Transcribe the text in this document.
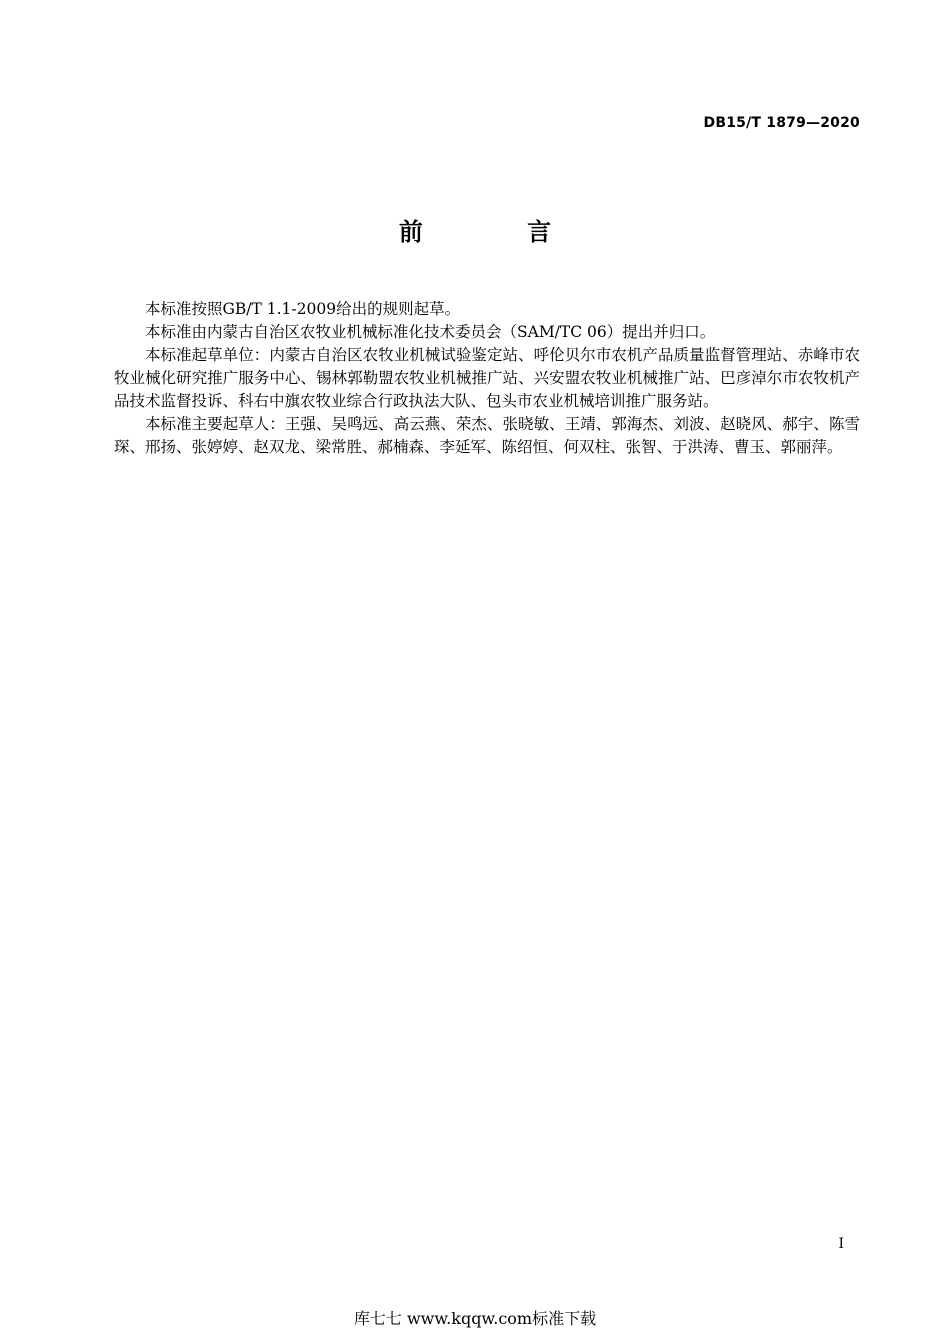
DB15/T 1879—2020
前 言

本标准按照GB/T 1.1-2009给出的规则起草。

本标准由内蒙古自治区农牧业机械标准化技术委员会（SAM/TC 06）提出并归口。

本标准起草单位：内蒙古自治区农牧业机械试验鉴定站、呼伦贝尔市农机产品质量监督管理站、赤峰市农牧业械化研究推广服务中心、锡林郭勒盟农牧业机械推广站、兴安盟农牧业机械推广站、巴彦淖尔市农牧机产品技术监督投诉、科右中旗农牧业综合行政执法大队、包头市农业机械培训推广服务站。

本标准主要起草人：王强、吴鸣远、高云燕、荣杰、张晓敏、王靖、郭海杰、刘波、赵晓风、郝宇、陈雪琛、邢扬、张婷婷、赵双龙、梁常胜、郝楠森、李延军、陈绍恒、何双柱、张智、于洪涛、曹玉、郭丽萍。

I
库七七 www.kqqw.com标准下载
